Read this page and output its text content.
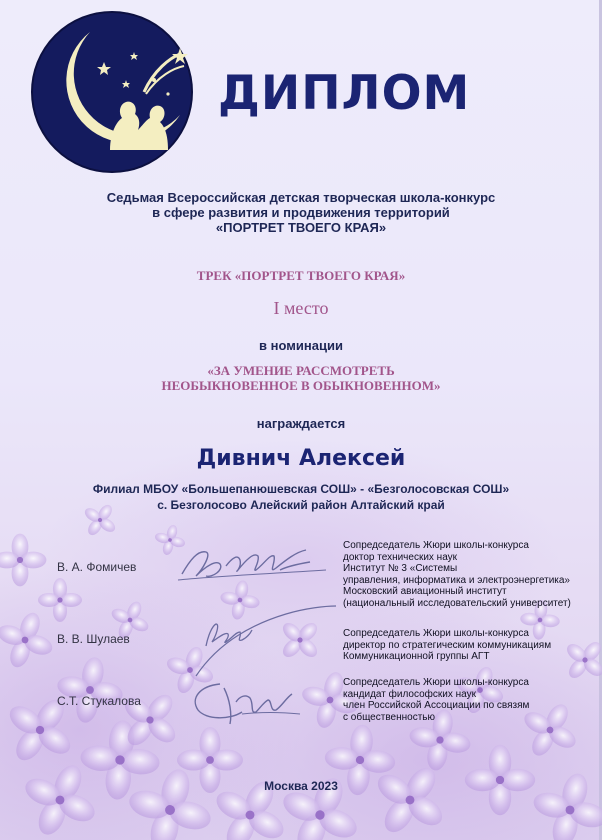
ДИПЛОМ
Седьмая Всероссийская детская творческая школа-конкурс
в сфере развития и продвижения территорий
«ПОРТРЕТ ТВОЕГО КРАЯ»
ТРЕК «ПОРТРЕТ ТВОЕГО КРАЯ»
I место
в номинации
«ЗА УМЕНИЕ РАССМОТРЕТЬ
НЕОБЫКНОВЕННОЕ В ОБЫКНОВЕННОМ»
награждается
Дивнич Алексей
Филиал МБОУ «Большепанюшевская СОШ» - «Безголосовская СОШ»
с. Безголосово Алейский район Алтайский край
В. А. Фомичев
Сопредседатель Жюри школы-конкурса
доктор технических наук
Институт № 3 «Системы
управления, информатика и электроэнергетика»
Московский авиационный институт
(национальный исследовательский университет)
В. В. Шулаев	Сопредседатель Жюри школы-конкурса
директор по стратегическим коммуникациям
Коммуникационной группы АГТ
С.Т. Стукалова
Сопредседатель Жюри школы-конкурса
кандидат философских наук
член Российской Ассоциации по связям
с общественностью
Москва 2023
